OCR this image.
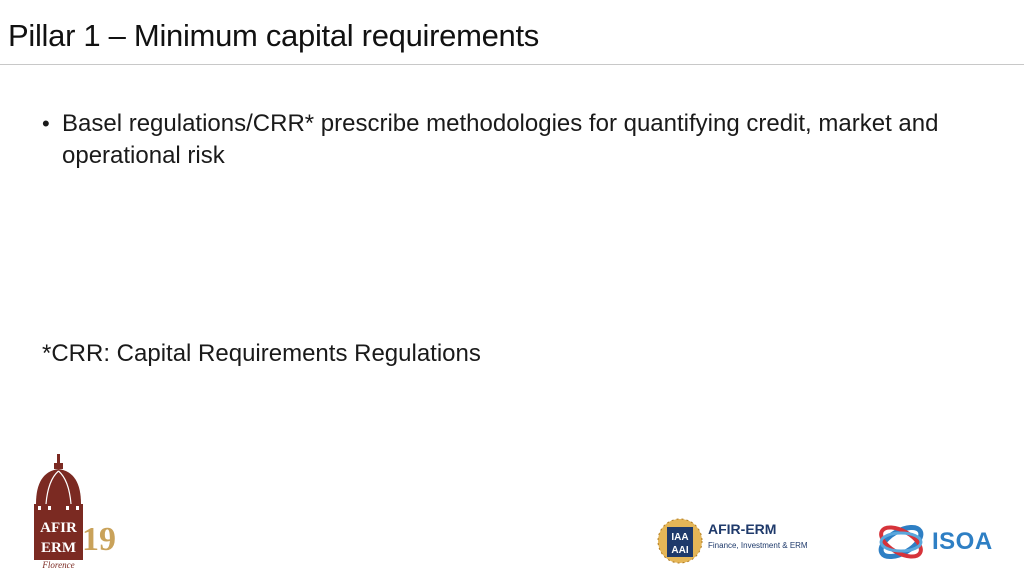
Pillar 1 – Minimum capital requirements
• Basel regulations/CRR* prescribe methodologies for quantifying credit, market and operational risk
*CRR: Capital Requirements Regulations
AFIR
ERM 19
Florence
IAA
AAI
AFIR-ERM
Finance, Investment & ERM	ISOA
